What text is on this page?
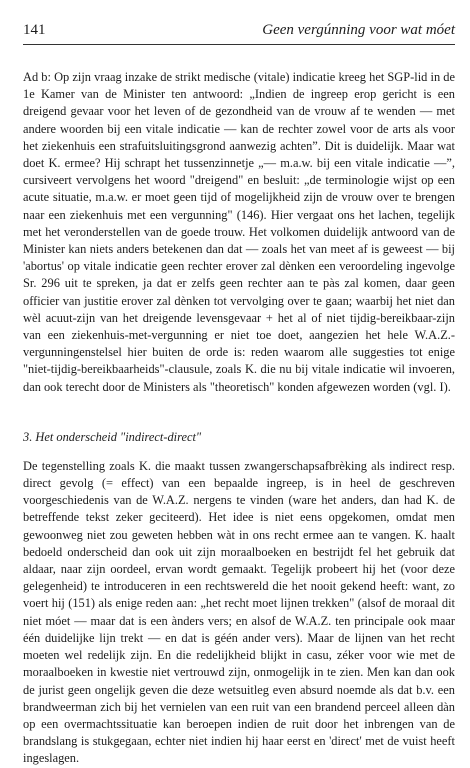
141	Geen vergúnning voor wat móet

Ad b: Op zijn vraag inzake de strikt medische (vitale) indicatie kreeg het SGP-lid in de 1e Kamer van de Minister ten antwoord: „Indien de ingreep erop gericht is een dreigend gevaar voor het leven of de gezondheid van de vrouw af te wenden — met andere woorden bij een vitale indicatie — kan de rechter zowel voor de arts als voor het ziekenhuis een strafuitsluitingsgrond aanwezig achten”. Dit is duidelijk. Maar wat doet K. ermee? Hij schrapt het tussenzinnetje „— m.a.w. bij een vitale indicatie —”, cursiveert vervolgens het woord "dreigend" en besluit: „de terminologie wijst op een acute situatie, m.a.w. er moet geen tijd of mogelijkheid zijn de vrouw over te brengen naar een ziekenhuis met een vergunning" (146). Hier vergaat ons het lachen, tegelijk met het veronderstellen van de goede trouw. Het volkomen duidelijk antwoord van de Minister kan niets anders betekenen dan dat — zoals het van meet af is geweest — bij 'abortus' op vitale indicatie geen rechter erover zal dènken een veroordeling ingevolge Sr. 296 uit te spreken, ja dat er zelfs geen rechter aan te pàs zal komen, daar geen officier van justitie erover zal dènken tot vervolging over te gaan; waarbij het niet dan wèl acuut-zijn van het dreigende levensgevaar + het al of niet tijdig-bereikbaar-zijn van een ziekenhuis-met-vergunning er niet toe doet, aangezien het hele W.A.Z.-vergunningenstelsel hier buiten de orde is: reden waarom alle suggesties tot enige "niet-tijdig-bereikbaarheids"-clausule, zoals K. die nu bij vitale indicatie wil invoeren, dan ook terecht door de Ministers als "theoretisch" konden afgewezen worden (vgl. I).

3. Het onderscheid "indirect-direct"

De tegenstelling zoals K. die maakt tussen zwangerschapsafbrèking als indirect resp. direct gevolg (= effect) van een bepaalde ingreep, is in heel de geschreven voorgeschiedenis van de W.A.Z. nergens te vinden (ware het anders, dan had K. de betreffende tekst zeker geciteerd). Het idee is niet eens opgekomen, omdat men gewoonweg niet zou geweten hebben wàt in ons recht ermee aan te vangen. K. haalt bedoeld onderscheid dan ook uit zijn moraalboeken en bestrijdt fel het gebruik dat aldaar, naar zijn oordeel, ervan wordt gemaakt. Tegelijk probeert hij het (voor deze gelegenheid) te introduceren in een rechtswereld die het nooit gekend heeft: want, zo voert hij (151) als enige reden aan: „het recht moet lijnen trekken" (alsof de moraal dit niet móet — maar dat is een ànders vers; en alsof de W.A.Z. ten principale ook maar één duidelijke lijn trekt — en dat is géén ander vers). Maar de lijnen van het recht moeten wel redelijk zijn. En die redelijkheid blijkt in casu, zéker voor wie met de moraalboeken in kwestie niet vertrouwd zijn, onmogelijk in te zien. Men kan dan ook de jurist geen ongelijk geven die deze wetsuitleg even absurd noemde als dat b.v. een brandweerman zich bij het vernielen van een ruit van een brandend perceel alleen dàn op een overmachtssituatie kan beroepen indien de ruit door het inbrengen van de brandslang is stukgegaan, echter niet indien hij haar eerst en 'direct' met de vuist heeft ingeslagen.
